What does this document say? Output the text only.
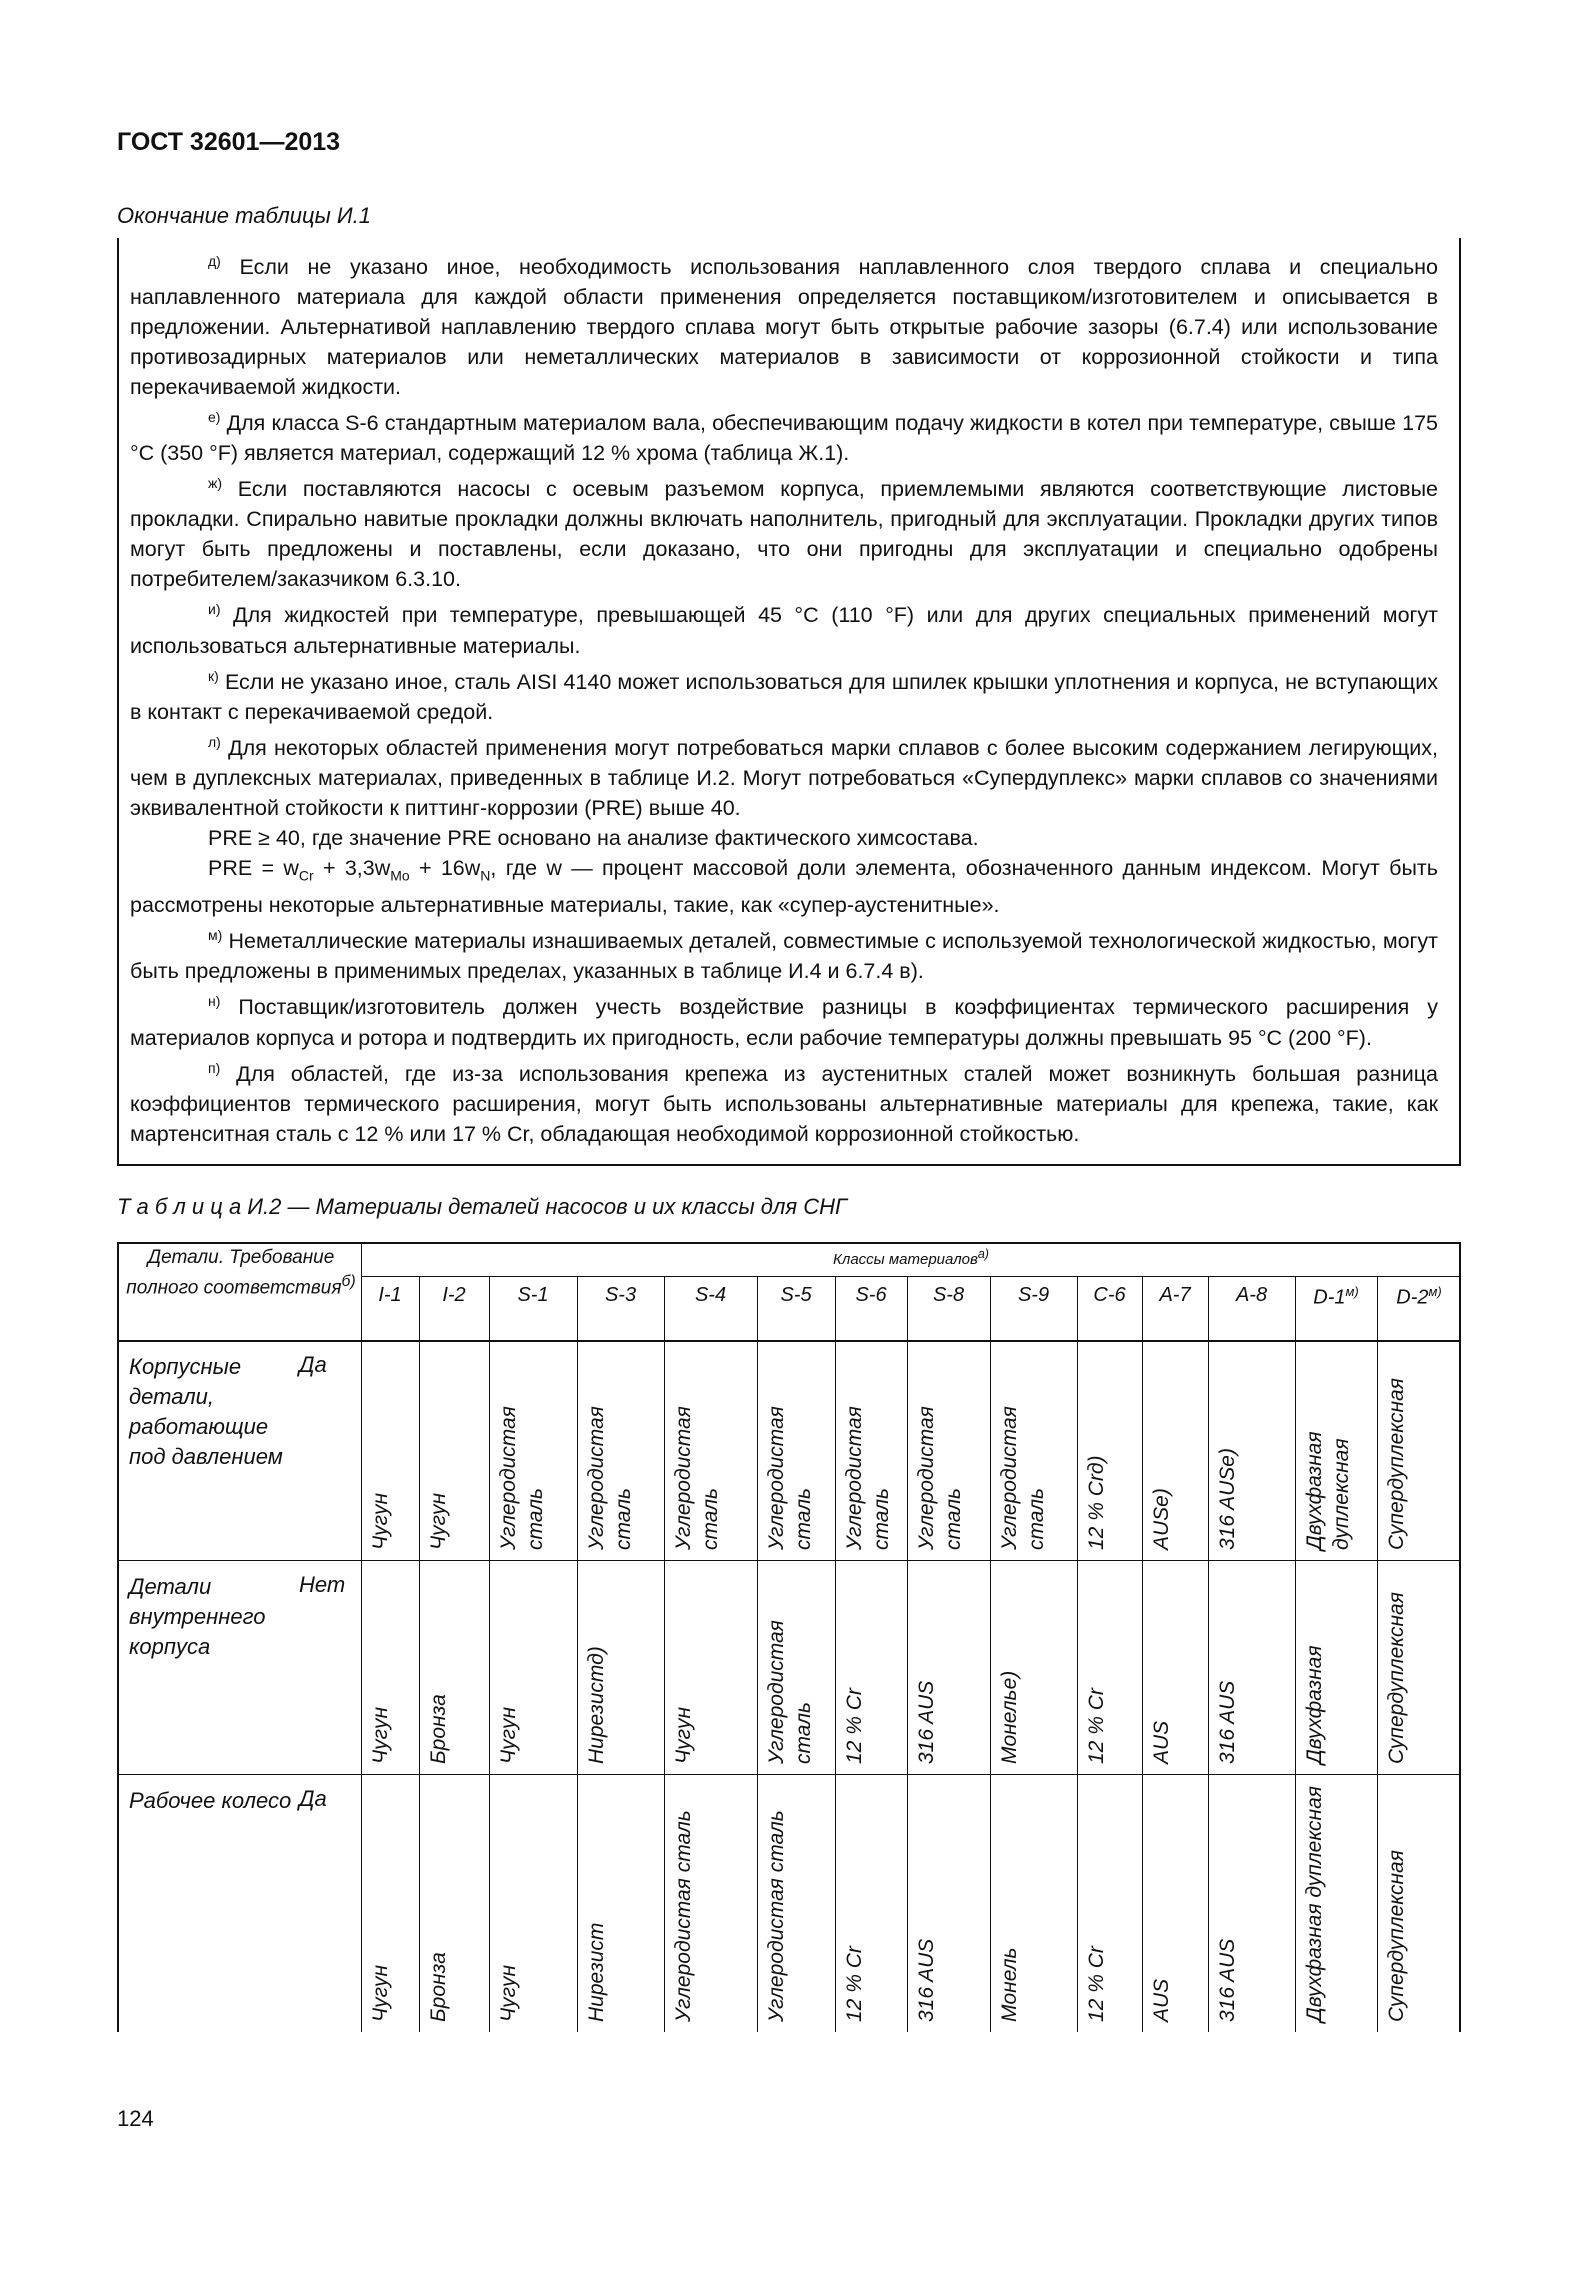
ГОСТ 32601—2013
Окончание таблицы И.1

$^{д)}$ Если не указано иное, необходимость использования наплавленного слоя твердого сплава и специально наплавленного материала для каждой области применения определяется поставщиком/изготовителем и описывается в предложении. Альтернативой наплавлению твердого сплава могут быть открытые рабочие зазоры (6.7.4) или использование противозадирных материалов или неметаллических материалов в зависимости от коррозионной стойкости и типа перекачиваемой жидкости.

$^{е)}$ Для класса S-6 стандартным материалом вала, обеспечивающим подачу жидкости в котел при температуре, свыше 175 °С (350 °F) является материал, содержащий 12 % хрома (таблица Ж.1).

$^{ж)}$ Если поставляются насосы с осевым разъемом корпуса, приемлемыми являются соответствующие листовые прокладки. Спирально навитые прокладки должны включать наполнитель, пригодный для эксплуатации. Прокладки других типов могут быть предложены и поставлены, если доказано, что они пригодны для эксплуатации и специально одобрены потребителем/заказчиком 6.3.10.

$^{и)}$ Для жидкостей при температуре, превышающей 45 °С (110 °F) или для других специальных применений могут использоваться альтернативные материалы.

$^{к)}$ Если не указано иное, сталь AISI 4140 может использоваться для шпилек крышки уплотнения и корпуса, не вступающих в контакт с перекачиваемой средой.

$^{л)}$ Для некоторых областей применения могут потребоваться марки сплавов с более высоким содержанием легирующих, чем в дуплексных материалах, приведенных в таблице И.2. Могут потребоваться «Супердуплекс» марки сплавов со значениями эквивалентной стойкости к питтинг-коррозии (PRE) выше 40.

PRE ≥ 40, где значение PRE основано на анализе фактического химсостава.

PRE = $w_{Cr} + 3,3w_{Mo} + 16w_N$, где w — процент массовой доли элемента, обозначенного данным индексом. Могут быть рассмотрены некоторые альтернативные материалы, такие, как «супер-аустенитные».

$^{м)}$ Неметаллические материалы изнашиваемых деталей, совместимые с используемой технологической жидкостью, могут быть предложены в применимых пределах, указанных в таблице И.4 и 6.7.4 в).

$^{н)}$ Поставщик/изготовитель должен учесть воздействие разницы в коэффициентах термического расширения у материалов корпуса и ротора и подтвердить их пригодность, если рабочие температуры должны превышать 95 °С (200 °F).

$^{п)}$ Для областей, где из-за использования крепежа из аустенитных сталей может возникнуть большая разница коэффициентов термического расширения, могут быть использованы альтернативные материалы для крепежа, такие, как мартенситная сталь с 12 % или 17 % Cr, обладающая необходимой коррозионной стойкостью.

Т а б л и ц а И.2 — Материалы деталей насосов и их классы для СНГ
Детали. Требование полного соответствия$^{б)}$
Классы материалов$^{а)}$
I-1	I-2	S-1	S-3	S-4	S-5	S-6	S-8	S-9	C-6	A-7	A-8	$D-1^{м)}$	$D-2^{м)}$
Корпусные детали, работающие под давлением
Да
Чугун	Чугун	Углеродистая сталь	Углеродистая сталь	Углеродистая сталь	Углеродистая сталь	Углеродистая сталь	Углеродистая сталь	Углеродистая сталь	12 % Crд)	AUSе)	316 AUSе)	Двухфазная дуплексная	Супердуплексная
Детали внутреннего корпуса
Нет
Чугун	Бронза	Чугун	Нирезистд)	Чугун	Углеродистая сталь	12 % Cr	316 AUS	Монелье)	12 % Cr	AUS	316 AUS	Двухфазная	Супердуплексная
Рабочее колесо Да
Чугун	Бронза	Чугун	Нирезист	Углеродистая сталь	Углеродистая сталь	12 % Cr	316 AUS	Монель	12 % Cr	AUS	316 AUS	Двухфазная дуплексная	Супердуплексная
124
